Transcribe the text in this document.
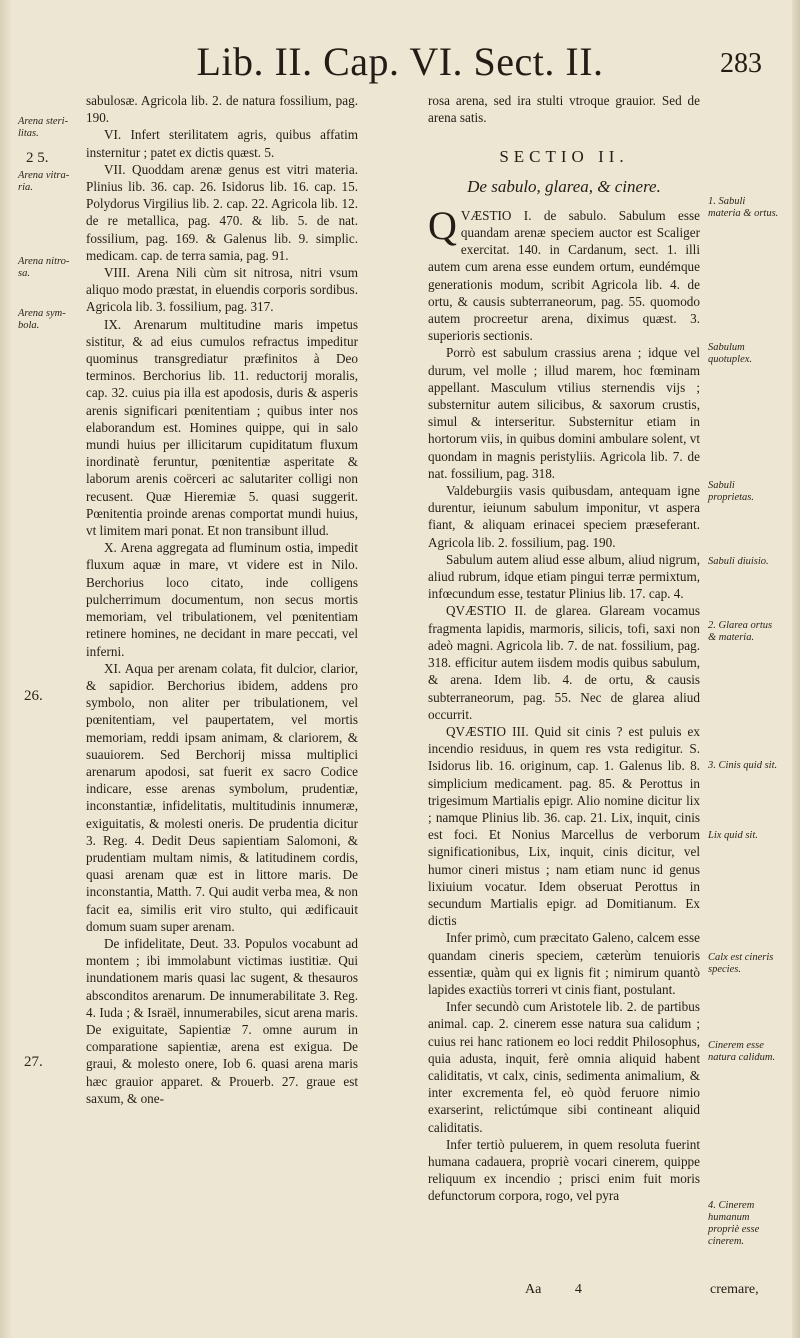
Lib. II. Cap. VI. Sect. II.	283
Arena steri-litas.
2 5.
Arena vitra-ria.
Arena nitro-sa.
Arena sym-bola.
26.
27.

sabulosæ. Agricola lib. 2. de natura fossilium, pag. 190.

VI. Infert sterilitatem agris, quibus affatim insternitur ; patet ex dictis quæst. 5.

VII. Quoddam arenæ genus est vitri materia. Plinius lib. 36. cap. 26. Isidorus lib. 16. cap. 15. Polydorus Virgilius lib. 2. cap. 22. Agricola lib. 12. de re metallica, pag. 470. & lib. 5. de nat. fossilium, pag. 169. & Galenus lib. 9. simplic. medicam. cap. de terra samia, pag. 91.

VIII. Arena Nili cùm sit nitrosa, nitri vsum aliquo modo præstat, in eluendis corporis sordibus. Agricola lib. 3. fossilium, pag. 317.

IX. Arenarum multitudine maris impetus sistitur, & ad eius cumulos refractus impeditur quominus transgrediatur præfinitos à Deo terminos. Berchorius lib. 11. reductorij moralis, cap. 32. cuius pia illa est apodosis, duris & asperis arenis significari pœnitentiam ; quibus inter nos elaborandum est. Homines quippe, qui in salo mundi huius per illicitarum cupiditatum fluxum inordinatè feruntur, pœnitentiæ asperitate & laborum arenis coërceri ac salutariter colligi non recusent. Quæ Hieremiæ 5. quasi suggerit. Pœnitentia proinde arenas comportat mundi huius, vt limitem mari ponat. Et non transibunt illud.

X. Arena aggregata ad fluminum ostia, impedit fluxum aquæ in mare, vt videre est in Nilo. Berchorius loco citato, inde colligens pulcherrimum documentum, non secus mortis memoriam, vel tribulationem, vel pœnitentiam retinere homines, ne decidant in mare peccati, vel inferni.

XI. Aqua per arenam colata, fit dulcior, clarior, & sapidior. Berchorius ibidem, addens pro symbolo, non aliter per tribulationem, vel pœnitentiam, vel paupertatem, vel mortis memoriam, reddi ipsam animam, & clariorem, & suauiorem. Sed Berchorij missa multiplici arenarum apodosi, sat fuerit ex sacro Codice indicare, esse arenas symbolum, prudentiæ, inconstantiæ, infidelitatis, multitudinis innumeræ, exiguitatis, & molesti oneris. De prudentia dicitur 3. Reg. 4. Dedit Deus sapientiam Salomoni, & prudentiam multam nimis, & latitudinem cordis, quasi arenam quæ est in littore maris. De inconstantia, Matth. 7. Qui audit verba mea, & non facit ea, similis erit viro stulto, qui ædificauit domum suam super arenam.

De infidelitate, Deut. 33. Populos vocabunt ad montem ; ibi immolabunt victimas iustitiæ. Qui inundationem maris quasi lac sugent, & thesauros absconditos arenarum. De innumerabilitate 3. Reg. 4. Iuda ; & Israël, innumerabiles, sicut arena maris. De exiguitate, Sapientiæ 7. omne aurum in comparatione sapientiæ, arena est exigua. De graui, & molesto onere, Iob 6. quasi arena maris hæc grauior apparet. & Prouerb. 27. graue est saxum, & one-

rosa arena, sed ira stulti vtroque grauior. Sed de arena satis.

SECTIO II.
De sabulo, glarea, & cinere.

QVÆSTIO I. de sabulo. Sabulum esse quandam arenæ speciem auctor est Scaliger exercitat. 140. in Cardanum, sect. 1. illi autem cum arena esse eundem ortum, eundémque generationis modum, scribit Agricola lib. 4. de ortu, & causis subterraneorum, pag. 55. quomodo autem procreetur arena, diximus quæst. 3. superioris sectionis.

Porrò est sabulum crassius arena ; idque vel durum, vel molle ; illud marem, hoc fœminam appellant. Masculum vtilius sternendis vijs ; substernitur autem silicibus, & saxorum crustis, simul & interseritur. Substernitur etiam in hortorum viis, in quibus domini ambulare solent, vt quondam in magnis peristyliis. Agricola lib. 7. de nat. fossilium, pag. 318.

Valdeburgiis vasis quibusdam, antequam igne durentur, ieiunum sabulum imponitur, vt aspera fiant, & aliquam erinacei speciem præseferant. Agricola lib. 2. fossilium, pag. 190.

Sabulum autem aliud esse album, aliud nigrum, aliud rubrum, idque etiam pingui terræ permixtum, infœcundum esse, testatur Plinius lib. 17. cap. 4.

QVÆSTIO II. de glarea. Glaream vocamus fragmenta lapidis, marmoris, silicis, tofi, saxi non adeò magni. Agricola lib. 7. de nat. fossilium, pag. 318. efficitur autem iisdem modis quibus sabulum, & arena. Idem lib. 4. de ortu, & causis subterraneorum, pag. 55. Nec de glarea aliud occurrit.

QVÆSTIO III. Quid sit cinis ? est puluis ex incendio residuus, in quem res vsta redigitur. S. Isidorus lib. 16. originum, cap. 1. Galenus lib. 8. simplicium medicament. pag. 85. & Perottus in trigesimum Martialis epigr. Alio nomine dicitur lix ; namque Plinius lib. 36. cap. 21. Lix, inquit, cinis est foci. Et Nonius Marcellus de verborum significationibus, Lix, inquit, cinis dicitur, vel humor cineri mistus ; nam etiam nunc id genus lixiuium vocatur. Idem obseruat Perottus in secundum Martialis epigr. ad Domitianum. Ex dictis

Infer primò, cum præcitato Galeno, calcem esse quandam cineris speciem, cæterùm tenuioris essentiæ, quàm qui ex lignis fit ; nimirum quantò lapides exactiùs torreri vt cinis fiant, postulant.

Infer secundò cum Aristotele lib. 2. de partibus animal. cap. 2. cinerem esse natura sua calidum ; cuius rei hanc rationem eo loci reddit Philosophus, quia adusta, inquit, ferè omnia aliquid habent caliditatis, vt calx, cinis, sedimenta animalium, & inter excrementa fel, eò quòd feruore nimio exarserint, relictúmque sibi contineant aliquid caliditatis.

Infer tertiò puluerem, in quem resoluta fuerint humana cadauera, propriè vocari cinerem, quippe reliquum ex incendio ; prisci enim fuit moris defunctorum corpora, rogo, vel pyra

1. Sabuli materia & ortus.
Sabulum quotuplex.
Sabuli proprietas.
Sabuli diuisio.
2. Glarea ortus & materia.
3. Cinis quid sit.
Lix quid sit.
Calx est cineris species.
Cinerem esse natura calidum.
4. Cinerem humanum propriè esse cinerem.
Aa 4	cremare,
